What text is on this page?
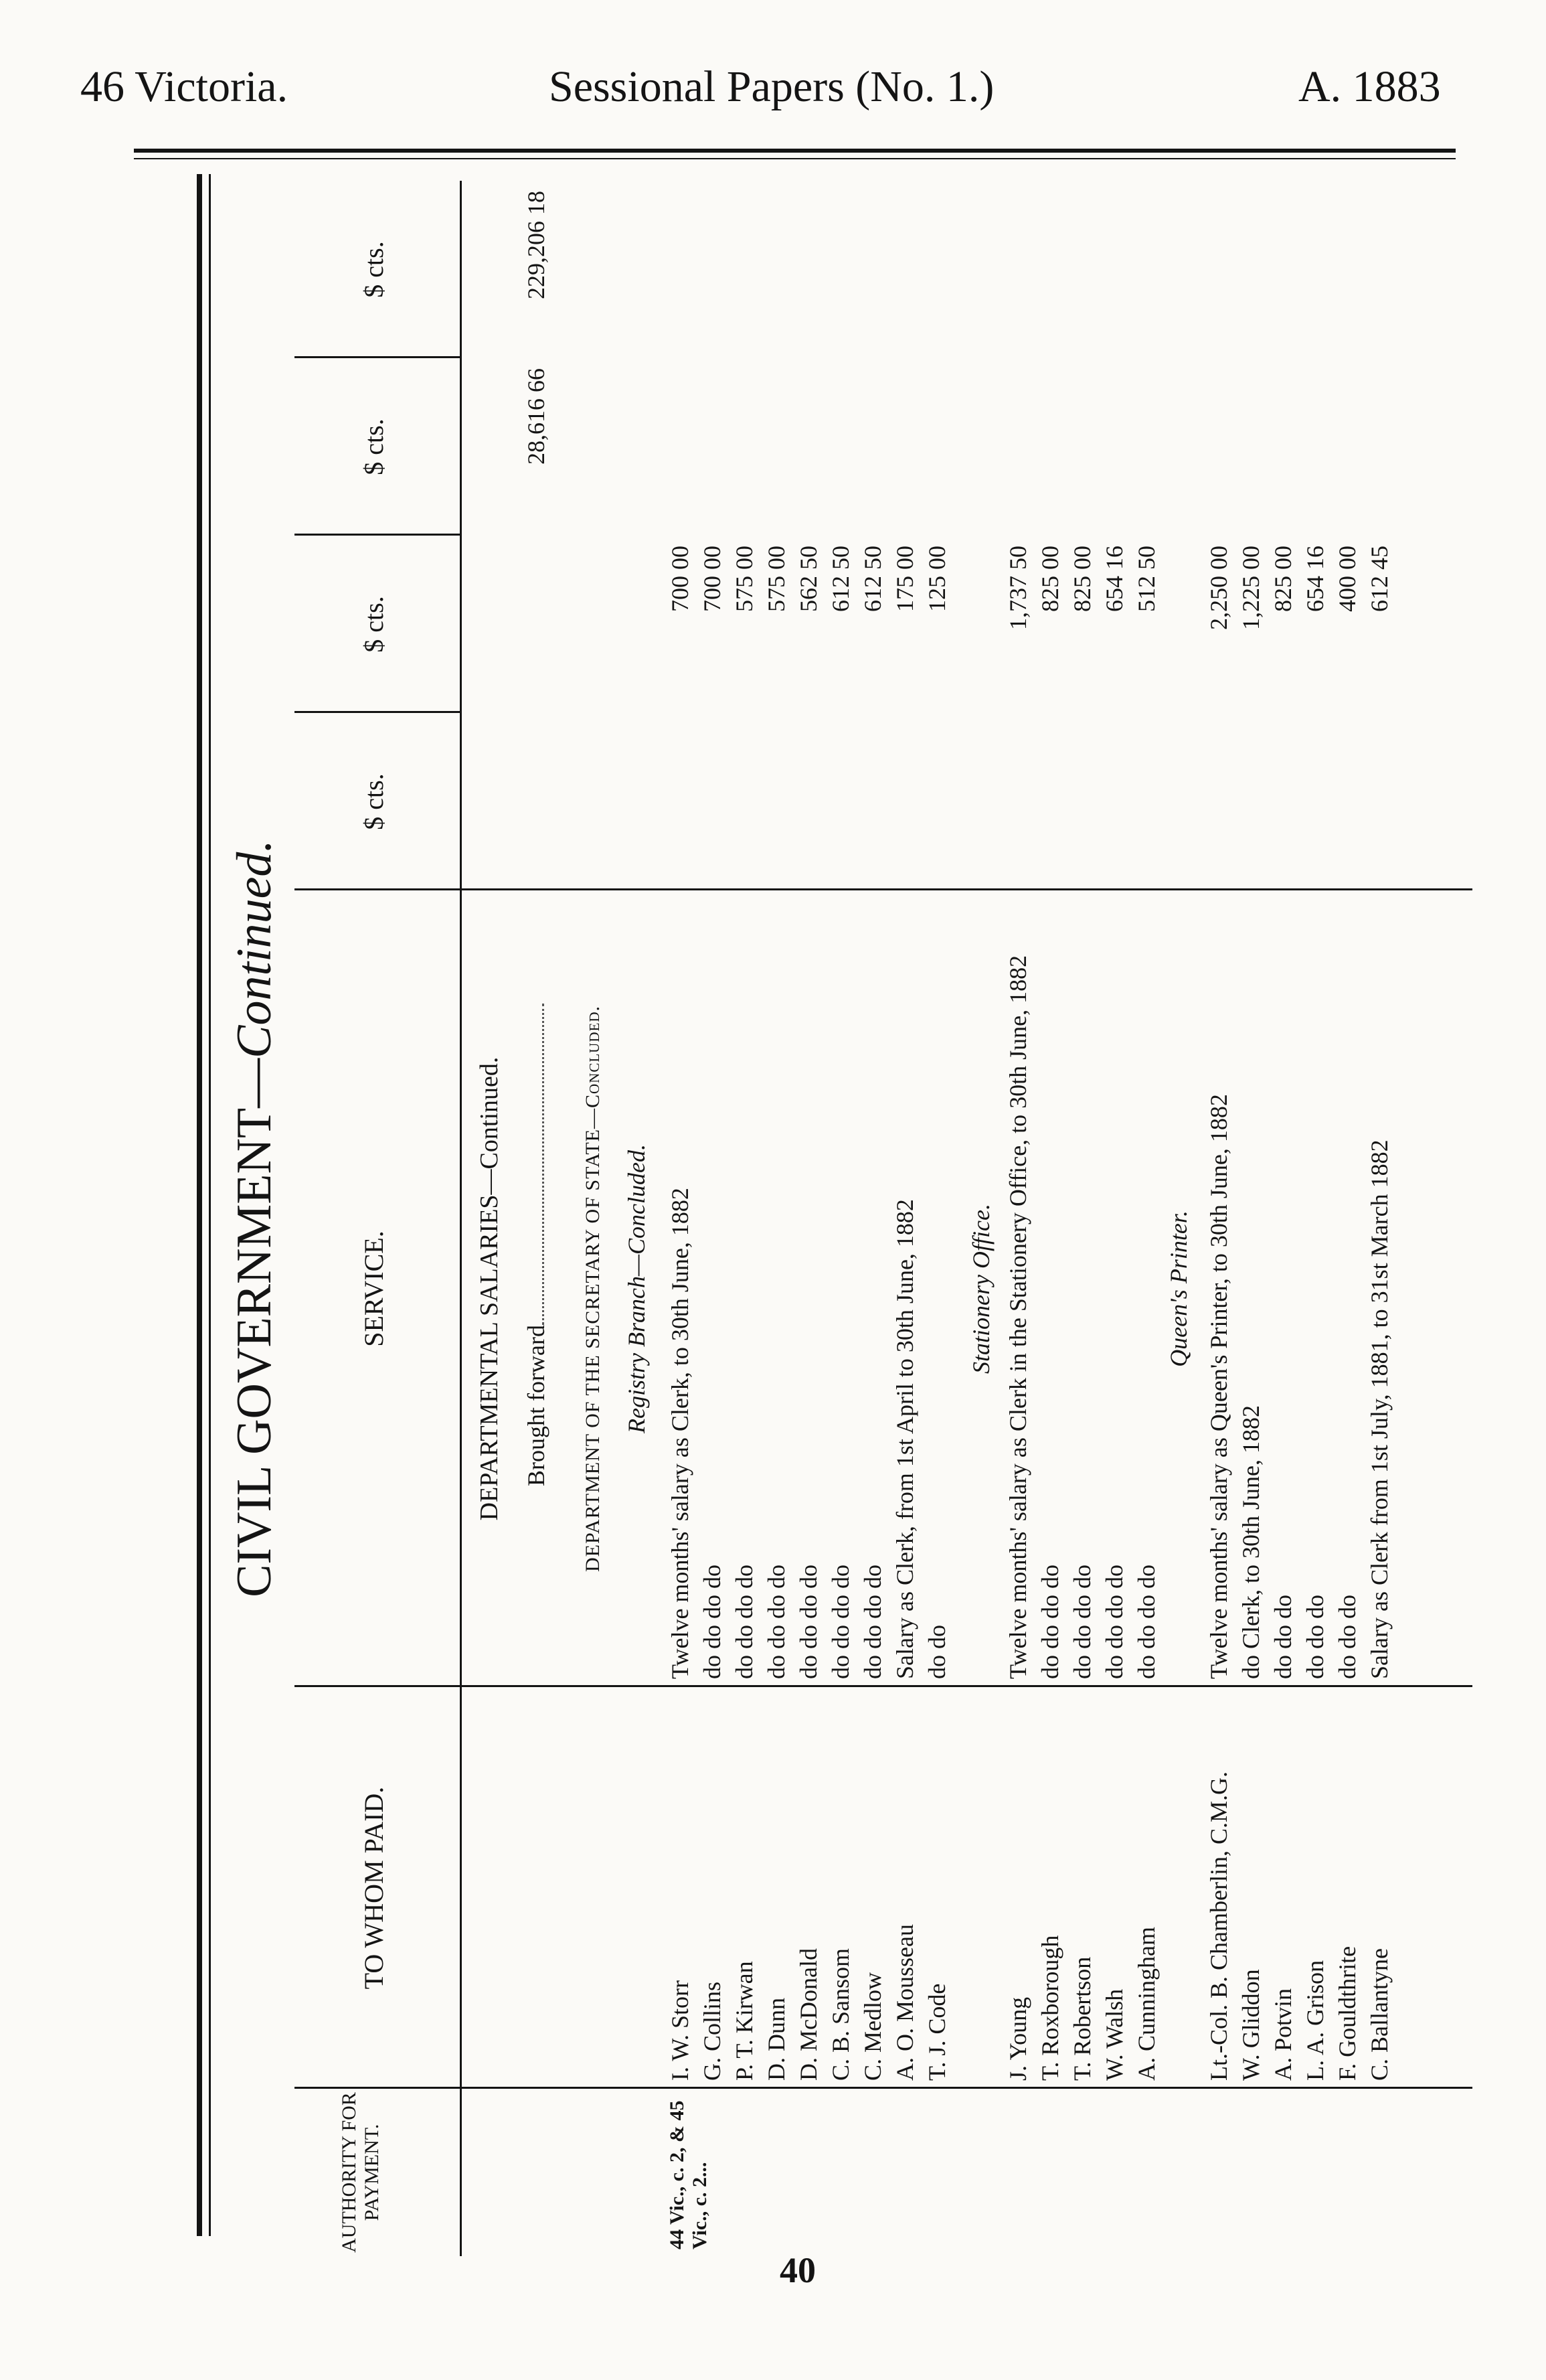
46 Victoria.	Sessional Papers (No. 1.)	A. 1883
CIVIL GOVERNMENT—Continued.
AUTHORITY FOR PAYMENT.
TO WHOM PAID.
SERVICE.
$ cts.
$ cts.
$ cts.
$ cts.
DEPARTMENTAL SALARIES—Continued. Brought forward
28,616 66
229,206 18
DEPARTMENT OF THE SECRETARY OF STATE—Concluded. Registry Branch—Concluded.
44 Vic., c. 2, & 45 Vic., c. 2...
I. W. Storr
Twelve months' salary as Clerk, to 30th June, 1882
700 00
G. Collins
do do do do
700 00
P. T. Kirwan
do do do do
575 00
D. Dunn
do do do do
575 00
D. McDonald
do do do do
562 50
C. B. Sansom
do do do do
612 50
C. Medlow
do do do do
612 50
A. O. Mousseau
Salary as Clerk, from 1st April to 30th June, 1882
175 00
T. J. Code
do do
125 00
Stationery Office.
J. Young
Twelve months' salary as Clerk in the Stationery Office, to 30th June, 1882
1,737 50
T. Roxborough
do do do do
825 00
T. Robertson
do do do do
825 00
W. Walsh
do do do do
654 16
A. Cunningham
do do do do
512 50
Queen's Printer.
Lt.-Col. B. Chamberlin, C.M.G.
Twelve months' salary as Queen's Printer, to 30th June, 1882
2,250 00
W. Gliddon
do Clerk, to 30th June, 1882
1,225 00
A. Potvin
do do do
825 00
L. A. Grison
do do do
654 16
F. Gouldthrite
do do do
400 00
C. Ballantyne
Salary as Clerk from 1st July, 1881, to 31st March 1882
612 45
40
